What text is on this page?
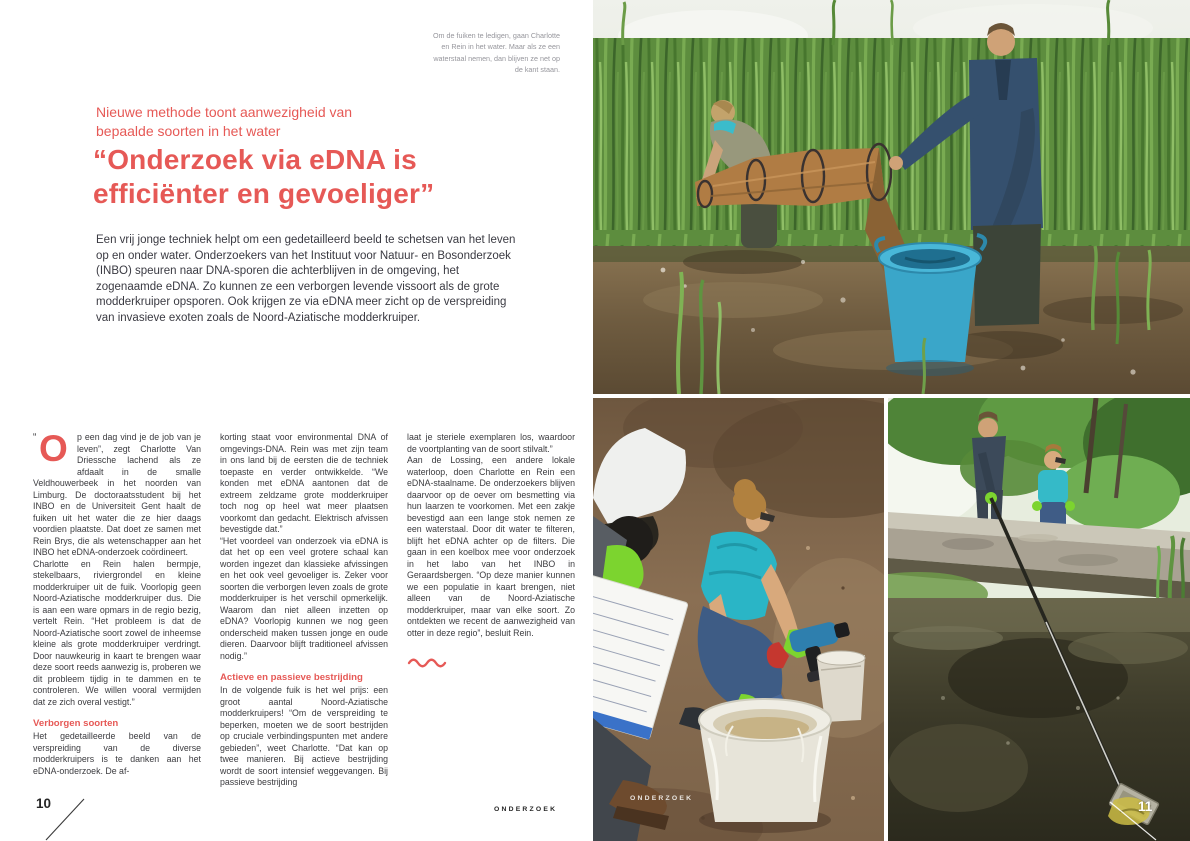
Om de fuiken te ledigen, gaan Charlotte en Rein in het water. Maar als ze een waterstaal nemen, dan blijven ze net op de kant staan.
Nieuwe methode toont aanwezigheid van bepaalde soorten in het water
“Onderzoek via eDNA is efficiënter en gevoeliger”

Een vrij jonge techniek helpt om een gedetailleerd beeld te schetsen van het leven op en onder water. Onderzoekers van het Instituut voor Natuur- en Bosonderzoek (INBO) speuren naar DNA-sporen die achterblijven in de omgeving, het zogenaamde eDNA. Zo kunnen ze een verborgen levende vissoort als de grote modderkruiper opsporen. Ook krijgen ze via eDNA meer zicht op de verspreiding van invasieve exoten zoals de Noord-Aziatische modderkruiper.

“ O p een dag vind je de job van je leven”, zegt Charlotte Van Driessche lachend als ze afdaalt in de smalle Veldhouwerbeek in het noorden van Limburg. De doctoraatsstudent bij het INBO en de Universiteit Gent haalt de fuiken uit het water die ze hier daags voordien plaatste. Dat doet ze samen met Rein Brys, die als wetenschapper aan het INBO het eDNA-onderzoek coördineert.

Charlotte en Rein halen bermpje, stekelbaars, riviergrondel en kleine modderkruiper uit de fuik. Voorlopig geen Noord-Aziatische modderkruiper dus. Die is aan een ware opmars in de regio bezig, vertelt Rein. “Het probleem is dat de Noord-Aziatische soort zowel de inheemse kleine als grote modderkruiper verdringt. Door nauwkeurig in kaart te brengen waar deze soort reeds aanwezig is, proberen we dit probleem tijdig in te dammen en te controleren. We willen vooral vermijden dat ze zich overal vestigt.”

Verborgen soorten

Het gedetailleerde beeld van de verspreiding van de diverse modderkruipers is te danken aan het eDNA-onderzoek. De af-

korting staat voor environmental DNA of omgevings-DNA. Rein was met zijn team in ons land bij de eersten die de techniek toepaste en verder ontwikkelde. “We konden met eDNA aantonen dat de extreem zeldzame grote modderkruiper toch nog op heel wat meer plaatsen voorkomt dan gedacht. Elektrisch afvissen bevestigde dat.”

“Het voordeel van onderzoek via eDNA is dat het op een veel grotere schaal kan worden ingezet dan klassieke afvissingen en het ook veel gevoeliger is. Zeker voor soorten die verborgen leven zoals de grote modderkruiper is het verschil opmerkelijk. Waarom dan niet alleen inzetten op eDNA? Voorlopig kunnen we nog geen onderscheid maken tussen jonge en oude dieren. Daarvoor blijft traditioneel afvissen nodig.”

Actieve en passieve bestrijding

In de volgende fuik is het wel prijs: een groot aantal Noord-Aziatische modderkruipers! “Om de verspreiding te beperken, moeten we de soort bestrijden op cruciale verbindingspunten met andere gebieden”, weet Charlotte. “Dat kan op twee manieren. Bij actieve bestrijding wordt de soort intensief weggevangen. Bij passieve bestrijding

laat je steriele exemplaren los, waardoor de voortplanting van de soort stilvalt.”

Aan de Lossing, een andere lokale waterloop, doen Charlotte en Rein een eDNA-staalname. De onderzoekers blijven daarvoor op de oever om besmetting via hun laarzen te voorkomen. Met een zakje bevestigd aan een lange stok nemen ze een waterstaal. Door dit water te filteren, blijft het eDNA achter op de filters. Die gaan in een koelbox mee voor onderzoek in het labo van het INBO in Geraardsbergen. “Op deze manier kunnen we een populatie in kaart brengen, niet alleen van de Noord-Aziatische modderkruiper, maar van elke soort. Zo ontdekten we recent de aanwezigheid van otter in deze regio”, besluit Rein.

10	ONDERZOEK
ONDERZOEK
11
